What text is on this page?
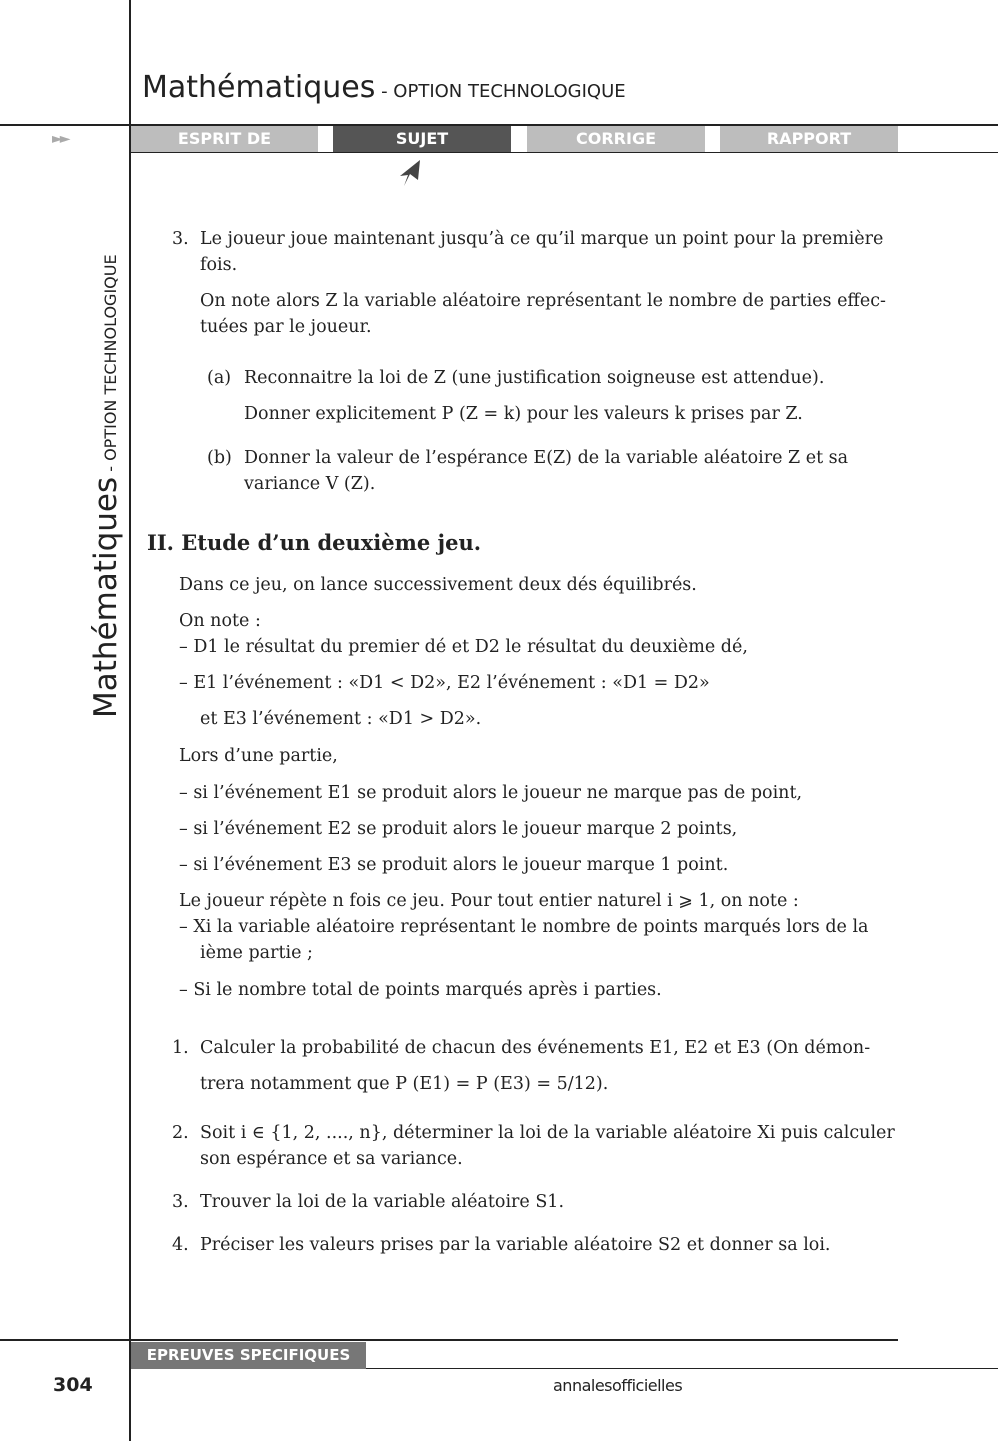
Mathématiques - OPTION TECHNOLOGIQUE
►►	ESPRIT DE L’EPREUVE
SUJET	CORRIGE	RAPPORT
Mathématiques - OPTION TECHNOLOGIQUE
3. Le joueur joue maintenant jusqu’à ce qu’il marque un point pour la première
fois.
On note alors Z la variable aléatoire représentant le nombre de parties effec-
tuées par le joueur.
(a) Reconnaitre la loi de Z (une justification soigneuse est attendue).
Donner explicitement P (Z = k) pour les valeurs k prises par Z.
(b) Donner la valeur de l’espérance E(Z) de la variable aléatoire Z et sa
variance V (Z).
II. Etude d’un deuxième jeu.
Dans ce jeu, on lance successivement deux dés équilibrés.
On note :
– D1 le résultat du premier dé et D2 le résultat du deuxième dé,
– E1 l’événement : «D1 < D2», E2 l’événement : «D1 = D2»
et E3 l’événement : «D1 > D2».
Lors d’une partie,
– si l’événement E1 se produit alors le joueur ne marque pas de point,
– si l’événement E2 se produit alors le joueur marque 2 points,
– si l’événement E3 se produit alors le joueur marque 1 point.
Le joueur répète n fois ce jeu. Pour tout entier naturel i ⩾ 1, on note :
– Xi la variable aléatoire représentant le nombre de points marqués lors de la
ième partie ;
– Si le nombre total de points marqués après i parties.
1. Calculer la probabilité de chacun des événements E1, E2 et E3 (On démon-
trera notamment que P (E1) = P (E3) = 5/12).
2. Soit i ∈ {1, 2, ...., n}, déterminer la loi de la variable aléatoire Xi puis calculer
son espérance et sa variance.
3. Trouver la loi de la variable aléatoire S1.
4. Préciser les valeurs prises par la variable aléatoire S2 et donner sa loi.
EPREUVES SPECIFIQUES
304	annalesofficielles
